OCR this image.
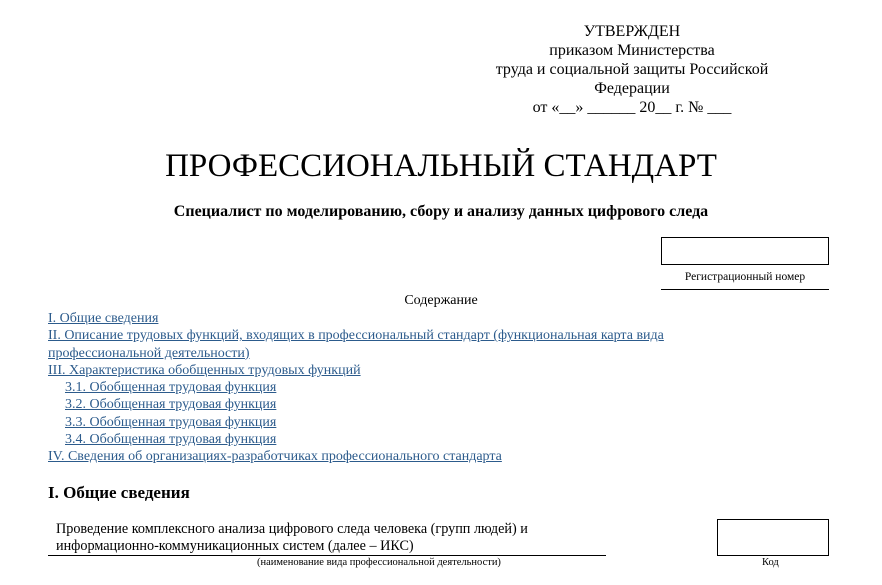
УТВЕРЖДЕН
приказом Министерства
труда и социальной защиты Российской
Федерации
от «__» ______ 20__ г. № ___
ПРОФЕССИОНАЛЬНЫЙ СТАНДАРТ
Специалист по моделированию, сбору и анализу данных цифрового следа
Регистрационный номер
Содержание
I. Общие сведения
II. Описание трудовых функций, входящих в профессиональный стандарт (функциональная карта вида
профессиональной деятельности)
III. Характеристика обобщенных трудовых функций
3.1. Обобщенная трудовая функция
3.2. Обобщенная трудовая функция
3.3. Обобщенная трудовая функция
3.4. Обобщенная трудовая функция
IV. Сведения об организациях-разработчиках профессионального стандарта
I. Общие сведения
Проведение комплексного анализа цифрового следа человека (групп людей) и
информационно-коммуникационных систем (далее – ИКС)
(наименование вида профессиональной деятельности)	Код
